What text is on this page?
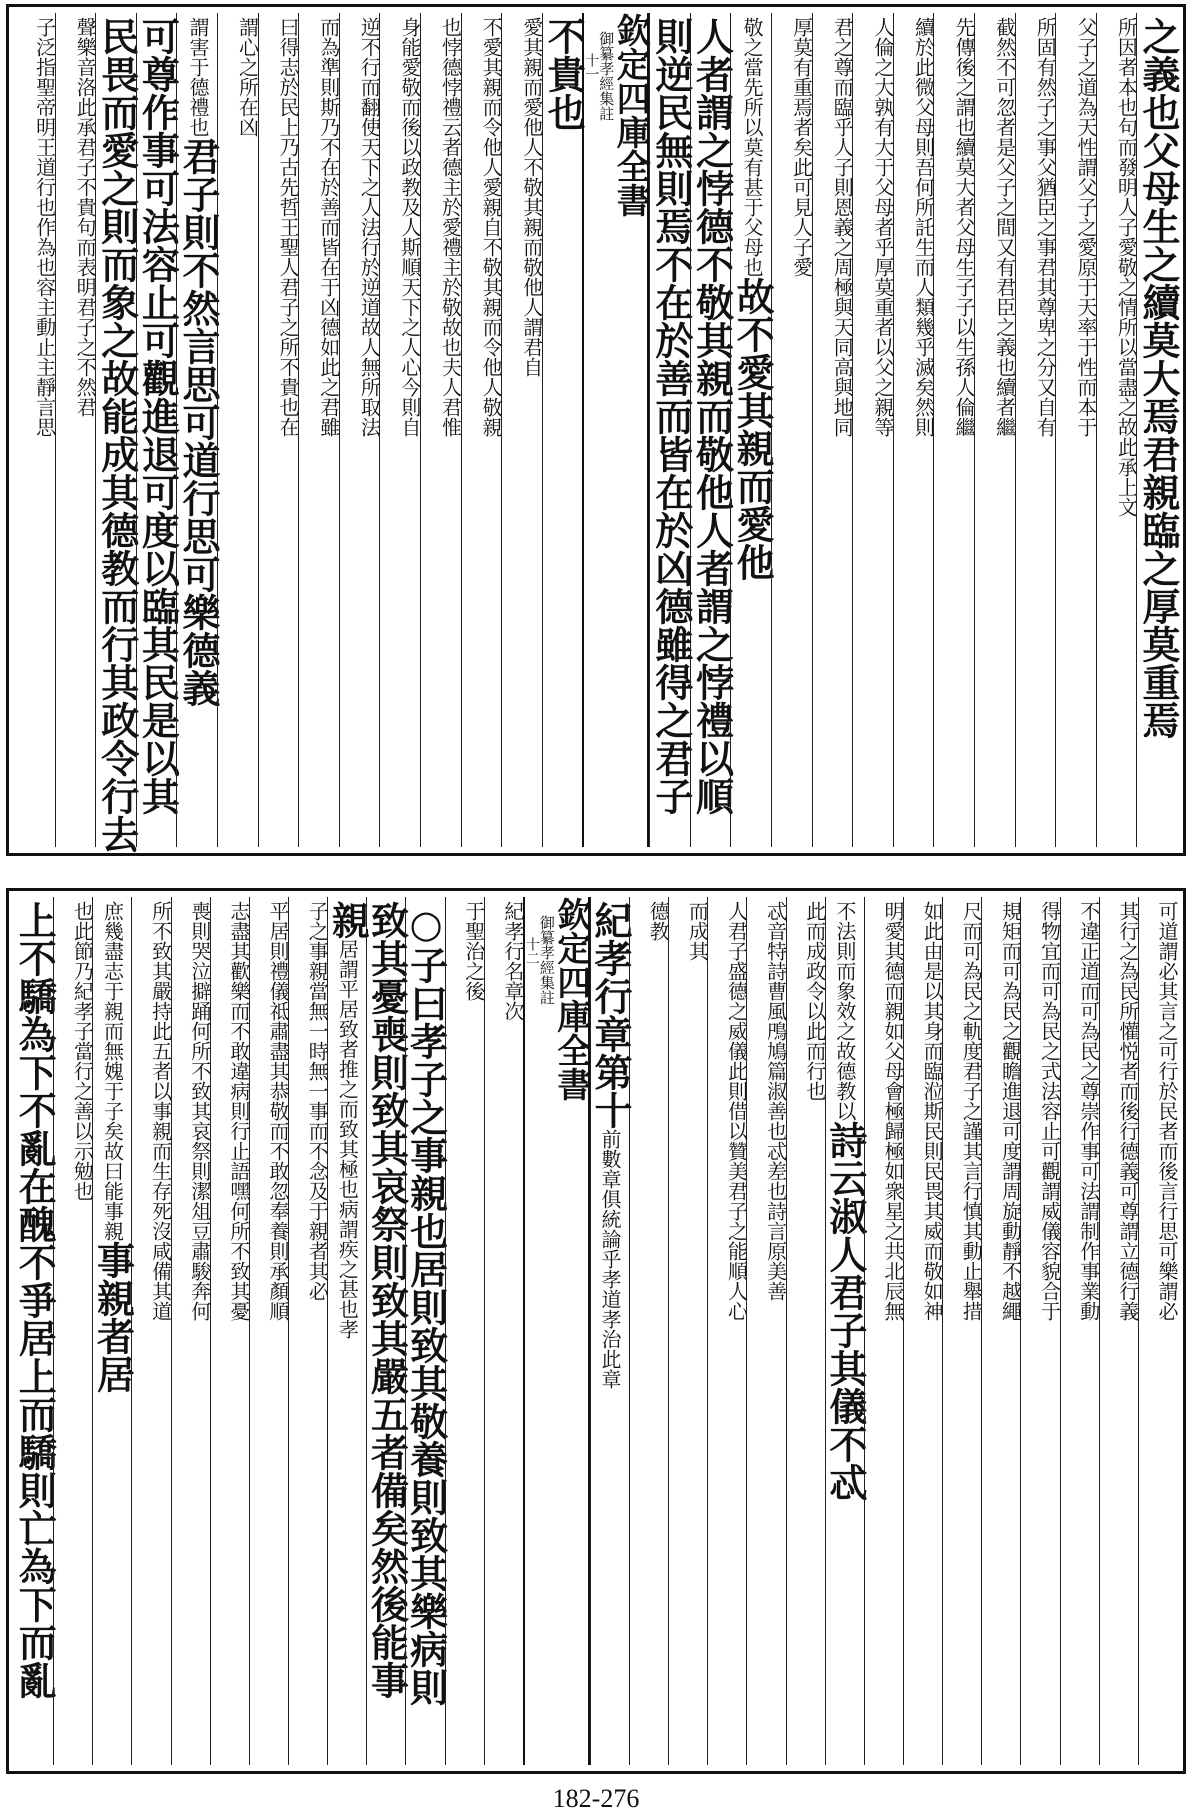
之義也父母生之續莫大焉君親臨之厚莫重焉
所因者本也句而發明人子愛敬之情所以當盡之故此承上文
父子之道為天性謂父子之愛原于天率于性而本于
所固有然子之事父猶臣之事君其尊卑之分又自有
截然不可忽者是父子之間又有君臣之義也續者繼
先傳後之謂也續莫大者父母生子子以生孫人倫繼
續於此微父母則吾何所託生而人類幾乎滅矣然則
人倫之大孰有大于父母者乎厚莫重者以父之親等
君之尊而臨乎人子則恩義之周極與天同高與地同
厚莫有重焉者矣此可見人子愛
敬之當先所以莫有甚于父母也故不愛其親而愛他
人者謂之悖德不敬其親而敬他人者謂之悖禮以順
則逆民無則焉不在於善而皆在於凶德雖得之君子
欽定四庫全書
御纂孝經集註
十一
不貴也
愛其親而愛他人不敬其親而敬他人謂君自
不愛其親而令他人愛親自不敬其親而令他人敬親
也悖德悖禮云者德主於愛禮主於敬故也夫人君惟
身能愛敬而後以政教及人斯順天下之人心今則自
逆不行而翻使天下之人法行於逆道故人無所取法
而為準則斯乃不在於善而皆在于凶德如此之君雖
曰得志於民上乃古先哲王聖人君子之所不貴也在
謂心之所在凶
謂害于德禮也君子則不然言思可道行思可樂德義
可尊作事可法容止可觀進退可度以臨其民是以其
民畏而愛之則而象之故能成其德教而行其政令行去
聲樂音洛此承君子不貴句而表明君子之不然君
子泛指聖帝明王道行也作為也容主動止主靜言思
可道謂必其言之可行於民者而後言行思可樂謂必
其行之為民所懽悦者而後行德義可尊謂立德行義
不違正道而可為民之尊崇作事可法謂制作事業動
得物宜而可為民之式法容止可觀謂威儀容貌合于
規矩而可為民之觀瞻進退可度謂周旋動靜不越繩
尺而可為民之軌度君子之謹其言行慎其動止舉措
如此由是以其身而臨涖斯民則民畏其威而敬如神
明愛其德而親如父母會極歸極如衆星之共北辰無
不法則而象效之故德教以詩云淑人君子其儀不忒
此而成政令以此而行也
忒音特詩曹風鳲鳩篇淑善也忒差也詩言原美善
人君子盛德之威儀此則借以贊美君子之能順人心
而成其
德教
紀孝行章第十前數章俱統論乎孝道孝治此章
欽定四庫全書
御纂孝經集註
十二
紀孝行名章次
于聖治之後
○子曰孝子之事親也居則致其敬養則致其樂病則
致其憂喪則致其哀祭則致其嚴五者備矣然後能事
親居謂平居致者推之而致其極也病謂疾之甚也孝
子之事親當無一時無一事而不念及于親者其必
平居則禮儀祗肅盡其恭敬而不敢忽奉養則承顏順
志盡其歡樂而不敢違病則行止語嘿何所不致其憂
喪則哭泣擗踊何所不致其哀祭則潔俎豆肅駿奔何
所不致其嚴持此五者以事親而生存死沒咸備其道
庶幾盡志于親而無媿于子矣故曰能事親事親者居
也此節乃紀孝子當行之善以示勉也
上不驕為下不亂在醜不爭居上而驕則亡為下而亂
182-276
